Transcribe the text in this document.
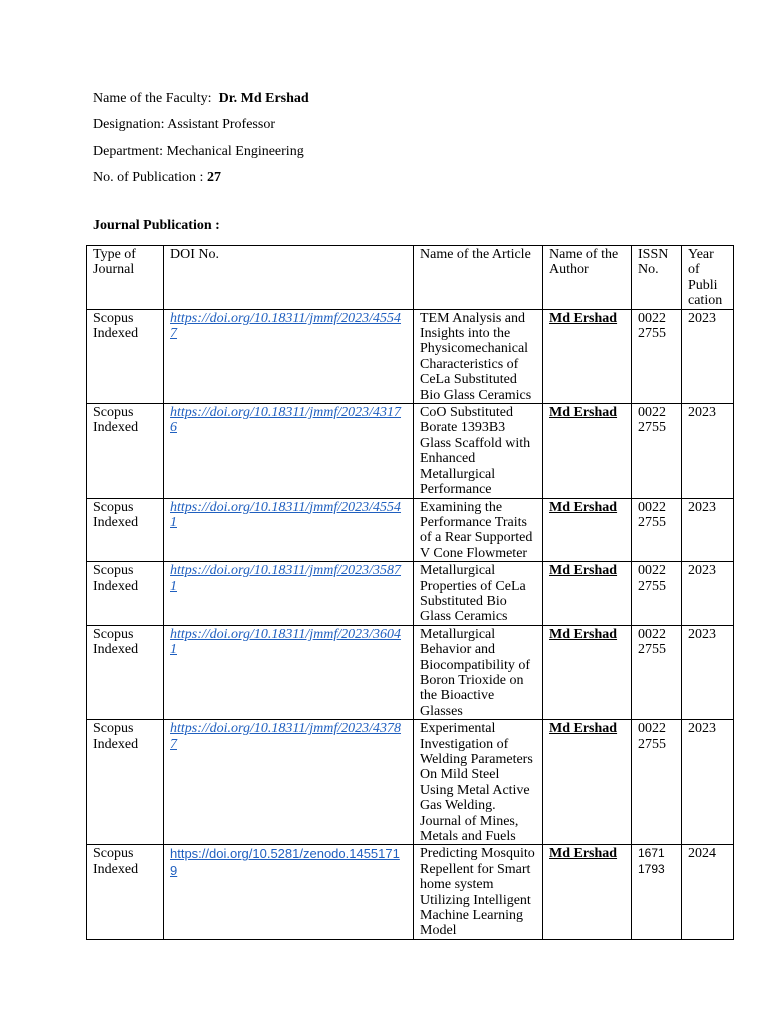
Name of the Faculty: Dr. Md Ershad
Designation: Assistant Professor
Department: Mechanical Engineering
No. of Publication : 27
Journal Publication :
Type of Journal	DOI No.	Name of the Article	Name of the Author	ISSN No.	Year of Publi cation
Scopus Indexed	https://doi.org/10.18311/jmmf/2023/45547	TEM Analysis and Insights into the Physicomechanical Characteristics of CeLa Substituted Bio Glass Ceramics	Md Ershad	0022 2755	2023
Scopus Indexed	https://doi.org/10.18311/jmmf/2023/43176	CoO Substituted Borate 1393B3 Glass Scaffold with Enhanced Metallurgical Performance	Md Ershad	0022 2755	2023
Scopus Indexed	https://doi.org/10.18311/jmmf/2023/45541	Examining the Performance Traits of a Rear Supported V Cone Flowmeter	Md Ershad	0022 2755	2023
Scopus Indexed	https://doi.org/10.18311/jmmf/2023/35871	Metallurgical Properties of CeLa Substituted Bio Glass Ceramics	Md Ershad	0022 2755	2023
Scopus Indexed	https://doi.org/10.18311/jmmf/2023/36041	Metallurgical Behavior and Biocompatibility of Boron Trioxide on the Bioactive Glasses	Md Ershad	0022 2755	2023
Scopus Indexed	https://doi.org/10.18311/jmmf/2023/43787	Experimental Investigation of Welding Parameters On Mild Steel Using Metal Active Gas Welding. Journal of Mines, Metals and Fuels	Md Ershad	0022 2755	2023
Scopus Indexed	https://doi.org/10.5281/zenodo.14551719	Predicting Mosquito Repellent for Smart home system Utilizing Intelligent Machine Learning Model	Md Ershad	1671 1793	2024
